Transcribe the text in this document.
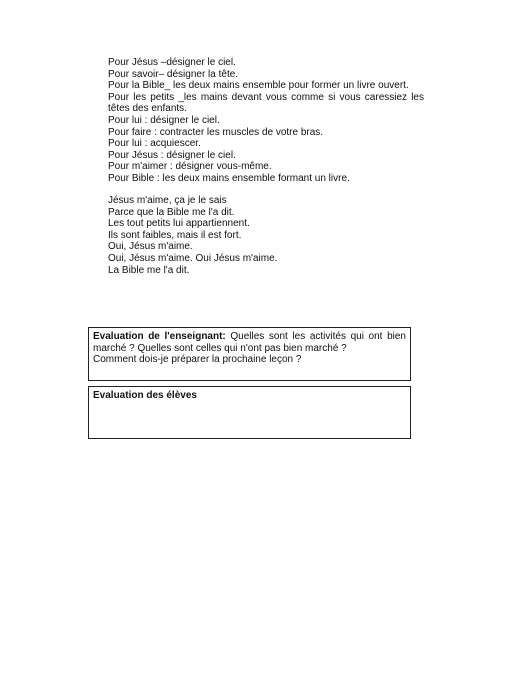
Pour Jésus –désigner le ciel.
Pour savoir– désigner la tête.
Pour la Bible_ les deux mains ensemble pour former un livre ouvert.
Pour les petits _les mains devant vous comme si vous caressiez les
têtes des enfants.
Pour lui : désigner le ciel.
Pour faire : contracter les muscles de votre bras.
Pour lui : acquiescer.
Pour Jésus : désigner le ciel.
Pour m'aimer : désigner vous-même.
Pour Bible : les deux mains ensemble formant un livre.
Jésus m'aime, ça je le sais
Parce que la Bible me l'a dit.
Les tout petits lui appartiennent.
Ils sont faibles, mais il est fort.
Oui, Jésus m'aime.
Oui, Jésus m'aime. Oui Jésus m'aime.
La Bible me l'a dit.
Evaluation de l'enseignant: Quelles sont les activités qui ont bien
marché ? Quelles sont celles qui n'ont pas bien marché ?
Comment dois-je préparer la prochaine leçon ?
Evaluation des élèves
